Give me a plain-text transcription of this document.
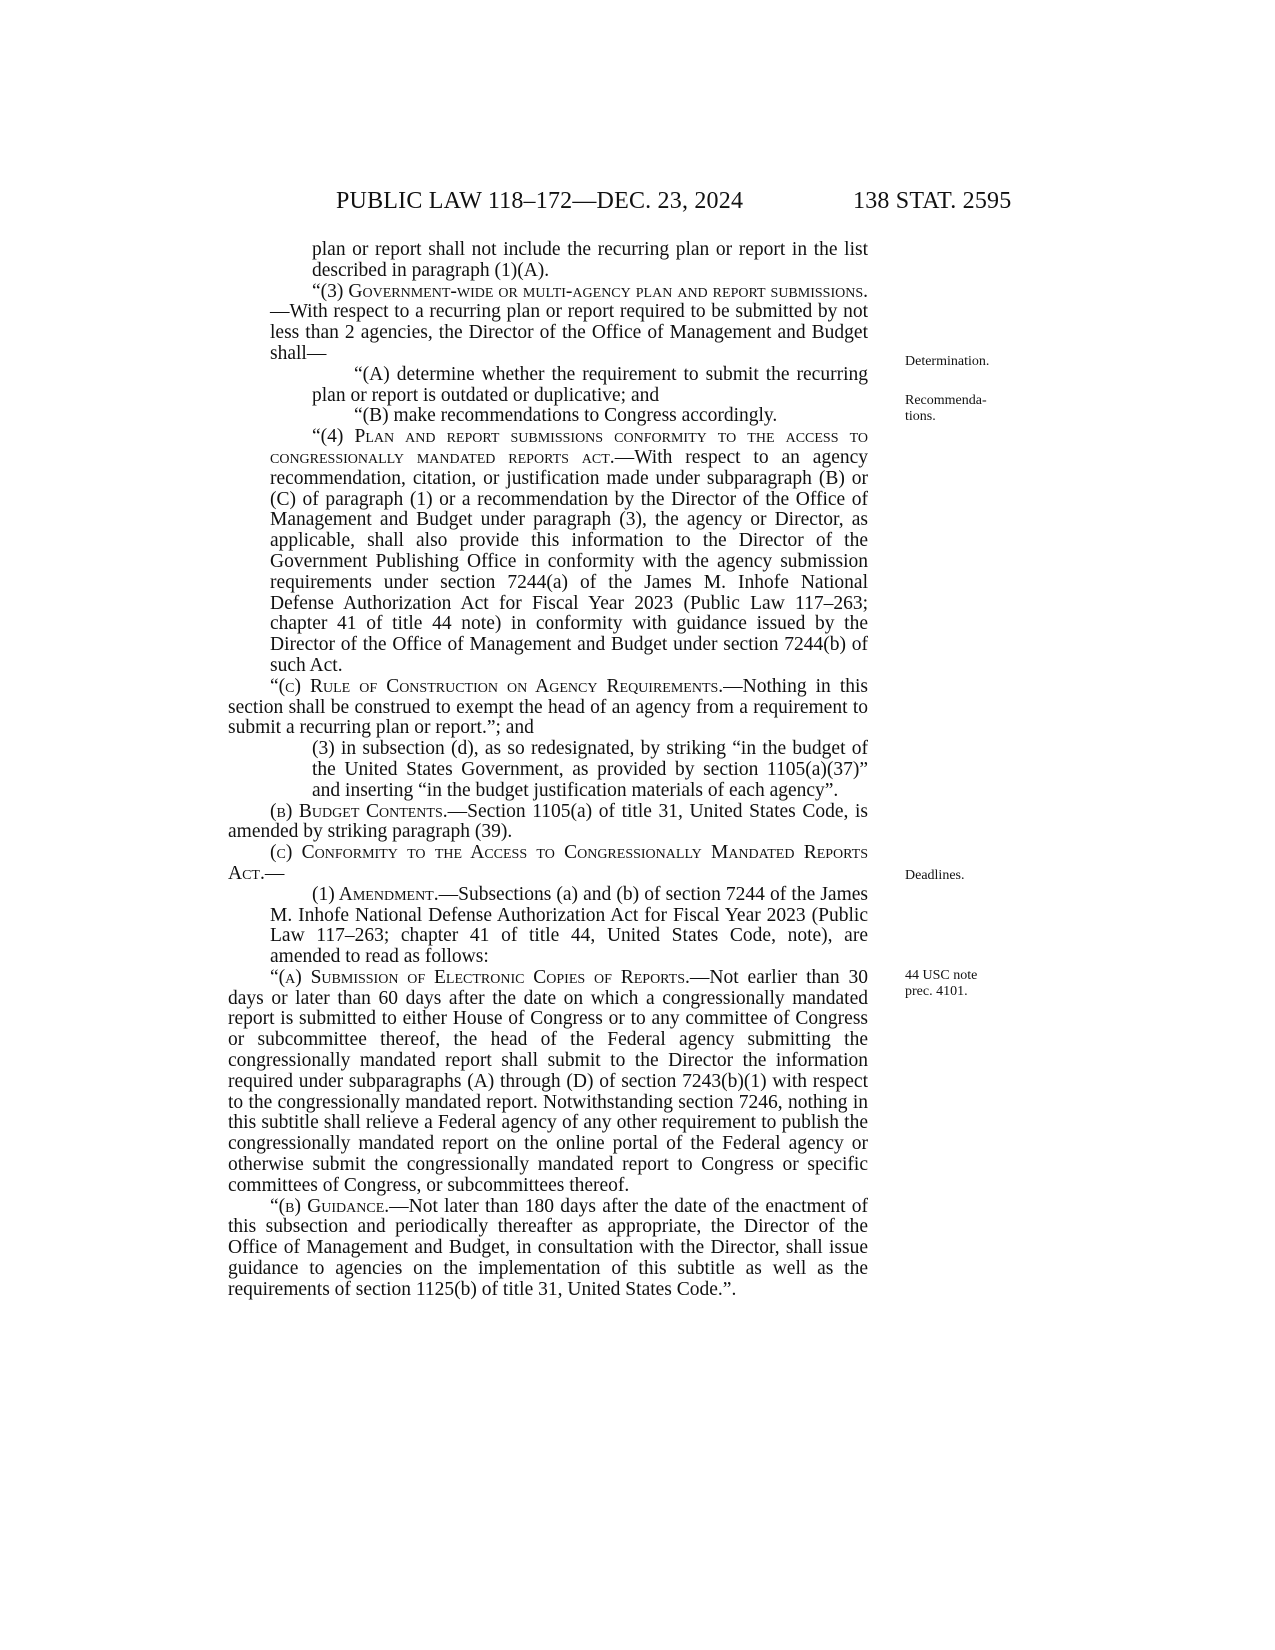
PUBLIC LAW 118–172—DEC. 23, 2024	138 STAT. 2595

plan or report shall not include the recurring plan or report in the list described in paragraph (1)(A).

“(3) Government-wide or multi-agency plan and report submissions.—With respect to a recurring plan or report required to be submitted by not less than 2 agencies, the Director of the Office of Management and Budget shall—

“(A) determine whether the requirement to submit the recurring plan or report is outdated or duplicative; and

“(B) make recommendations to Congress accordingly.

“(4) Plan and report submissions conformity to the access to congressionally mandated reports act.—With respect to an agency recommendation, citation, or justification made under subparagraph (B) or (C) of paragraph (1) or a recommendation by the Director of the Office of Management and Budget under paragraph (3), the agency or Director, as applicable, shall also provide this information to the Director of the Government Publishing Office in conformity with the agency submission requirements under section 7244(a) of the James M. Inhofe National Defense Authorization Act for Fiscal Year 2023 (Public Law 117–263; chapter 41 of title 44 note) in conformity with guidance issued by the Director of the Office of Management and Budget under section 7244(b) of such Act.

“(c) Rule of Construction on Agency Requirements.—Nothing in this section shall be construed to exempt the head of an agency from a requirement to submit a recurring plan or report.”; and

(3) in subsection (d), as so redesignated, by striking “in the budget of the United States Government, as provided by section 1105(a)(37)” and inserting “in the budget justification materials of each agency”.

(b) Budget Contents.—Section 1105(a) of title 31, United States Code, is amended by striking paragraph (39).

(c) Conformity to the Access to Congressionally Mandated Reports Act.—

(1) Amendment.—Subsections (a) and (b) of section 7244 of the James M. Inhofe National Defense Authorization Act for Fiscal Year 2023 (Public Law 117–263; chapter 41 of title 44, United States Code, note), are amended to read as follows:

“(a) Submission of Electronic Copies of Reports.—Not earlier than 30 days or later than 60 days after the date on which a congressionally mandated report is submitted to either House of Congress or to any committee of Congress or subcommittee thereof, the head of the Federal agency submitting the congressionally mandated report shall submit to the Director the information required under subparagraphs (A) through (D) of section 7243(b)(1) with respect to the congressionally mandated report. Notwithstanding section 7246, nothing in this subtitle shall relieve a Federal agency of any other requirement to publish the congressionally mandated report on the online portal of the Federal agency or otherwise submit the congressionally mandated report to Congress or specific committees of Congress, or subcommittees thereof.

“(b) Guidance.—Not later than 180 days after the date of the enactment of this subsection and periodically thereafter as appropriate, the Director of the Office of Management and Budget, in consultation with the Director, shall issue guidance to agencies on the implementation of this subtitle as well as the requirements of section 1125(b) of title 31, United States Code.”.

Determination.
Recommenda-
tions.
Deadlines.
44 USC note
prec. 4101.
